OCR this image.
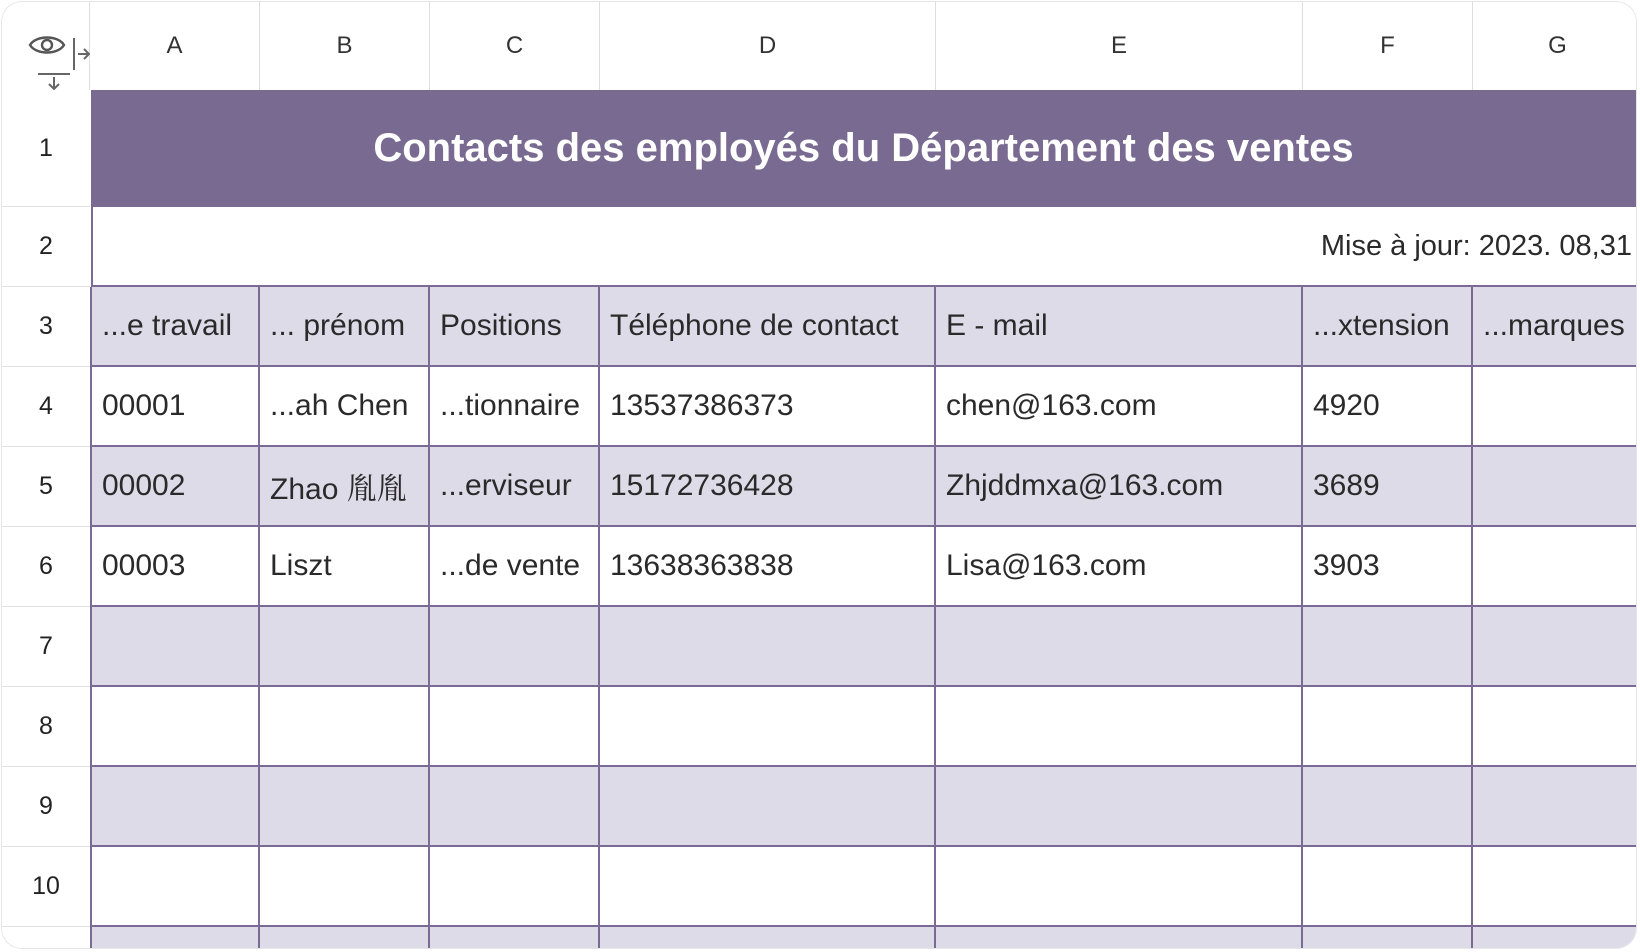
A	B	C	D	E	F	G
1
2
3
4
5
6
7
8
9
10
Contacts des employés du Département des ventes
Mise à jour: 2023. 08,31
...e travail	... prénom	Positions	Téléphone de contact	E - mail	...xtension	...marques
00001	...ah Chen	...tionnaire 13537386373	chen@163.com	4920
00002	Zhao 胤胤	...erviseur	15172736428	Zhjddmxa@163.com	3689
00003	Liszt	...de vente 13638363838	Lisa@163.com	3903
